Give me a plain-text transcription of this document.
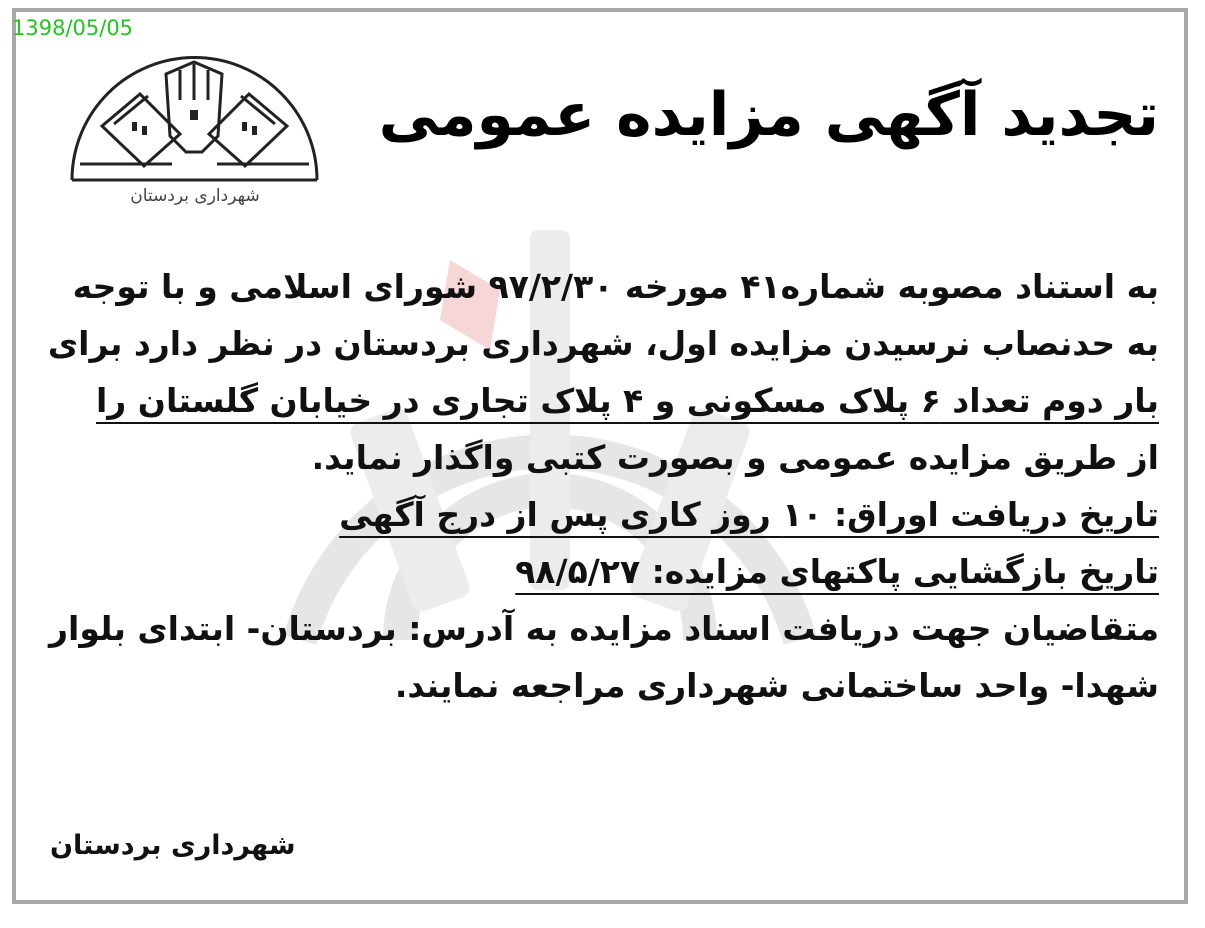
1398/05/05
شهرداری بردستان
تجدید آگهی مزایده عمومی
به استناد مصوبه شماره۴۱ مورخه ۹۷/۲/۳۰ شورای اسلامی و با توجه
به حدنصاب نرسیدن مزایده اول، شهرداری بردستان در نظر دارد برای
بار دوم تعداد ۶ پلاک مسکونی و ۴ پلاک تجاری در خیابان گلستان را
از طریق مزایده عمومی و بصورت کتبی واگذار نماید.
تاریخ دریافت اوراق: ۱۰ روز کاری پس از درج آگهی
تاریخ بازگشایی پاکتهای مزایده: ۹۸/۵/۲۷
متقاضیان جهت دریافت اسناد مزایده به آدرس: بردستان- ابتدای بلوار
شهدا- واحد ساختمانی شهرداری مراجعه نمایند.
شهرداری بردستان
